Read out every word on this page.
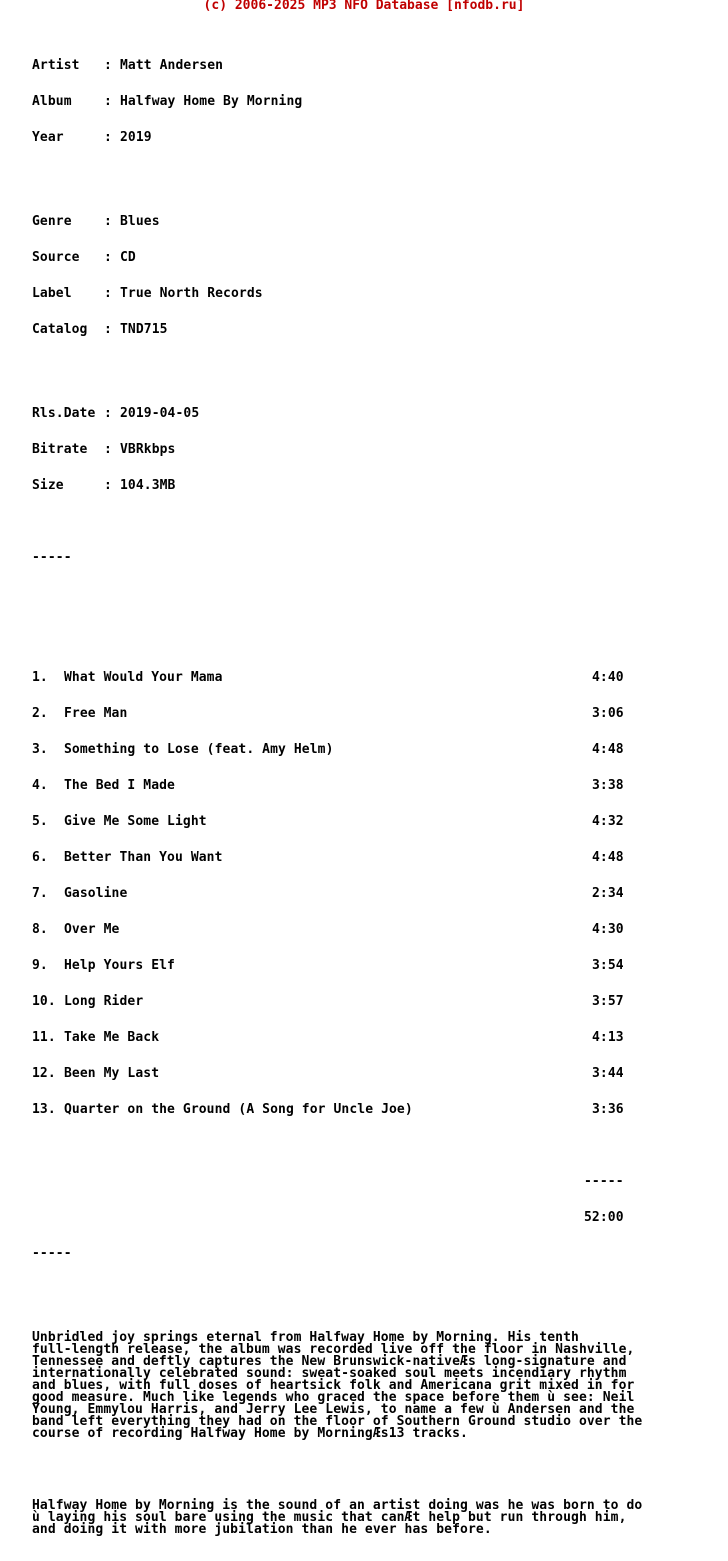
(c) 2006-2025 MP3 NFO Database [nfodb.ru]

Artist : Matt Andersen

Album : Halfway Home By Morning

Year	: 2019

Genre : Blues

Source : CD

Label : True North Records

Catalog : TND715

Rls.Date : 2019-04-05

Bitrate : VBRkbps

Size	: 104.3MB

-----

1. What Would Your Mama	4:40

2. Free Man	3:06

3. Something to Lose (feat. Amy Helm)	4:48

4. The Bed I Made	3:38

5. Give Me Some Light	4:32

6. Better Than You Want	4:48

7. Gasoline	2:34

8. Over Me	4:30

9. Help Yours Elf	3:54

10. Long Rider	3:57

11. Take Me Back	4:13

12. Been My Last	3:44

13. Quarter on the Ground (A Song for Uncle Joe)	3:36

-----

52:00

-----

Unbridled joy springs eternal from Halfway Home by Morning. His tenth
full-length release, the album was recorded live off the floor in Nashville,
Tennessee and deftly captures the New Brunswick-nativeÆs long-signature and
internationally celebrated sound: sweat-soaked soul meets incendiary rhythm
and blues, with full doses of heartsick folk and Americana grit mixed in for
good measure. Much like legends who graced the space before them ù see: Neil
Young, Emmylou Harris, and Jerry Lee Lewis, to name a few ù Andersen and the
band left everything they had on the floor of Southern Ground studio over the
course of recording Halfway Home by MorningÆs13 tracks.

Halfway Home by Morning is the sound of an artist doing was he was born to do
ù laying his soul bare using the music that canÆt help but run through him,
and doing it with more jubilation than he ever has before.
